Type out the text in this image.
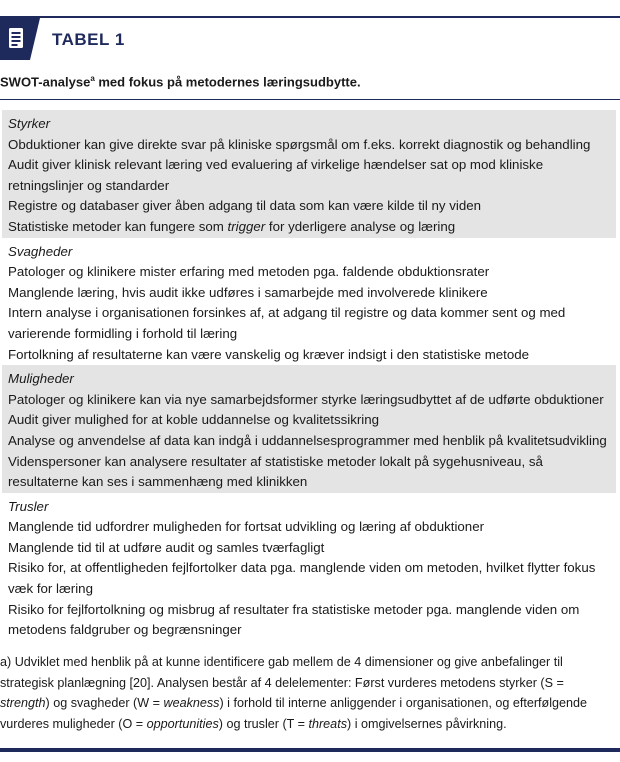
TABEL 1
SWOT-analyse$^a$ med fokus på metodernes læringsudbytte.
Styrker
Obduktioner kan give direkte svar på kliniske spørgsmål om f.eks. korrekt diagnostik og behandling
Audit giver klinisk relevant læring ved evaluering af virkelige hændelser sat op mod kliniske retningslinjer og standarder
Registre og databaser giver åben adgang til data som kan være kilde til ny viden
Statistiske metoder kan fungere som trigger for yderligere analyse og læring
Svagheder
Patologer og klinikere mister erfaring med metoden pga. faldende obduktionsrater
Manglende læring, hvis audit ikke udføres i samarbejde med involverede klinikere
Intern analyse i organisationen forsinkes af, at adgang til registre og data kommer sent og med varierende formidling i forhold til læring
Fortolkning af resultaterne kan være vanskelig og kræver indsigt i den statistiske metode
Muligheder
Patologer og klinikere kan via nye samarbejdsformer styrke læringsudbyttet af de udførte obduktioner
Audit giver mulighed for at koble uddannelse og kvalitetssikring
Analyse og anvendelse af data kan indgå i uddannelsesprogrammer med henblik på kvalitetsudvikling
Videnspersoner kan analysere resultater af statistiske metoder lokalt på sygehusniveau, så resultaterne kan ses i sammenhæng med klinikken
Trusler
Manglende tid udfordrer muligheden for fortsat udvikling og læring af obduktioner
Manglende tid til at udføre audit og samles tværfagligt
Risiko for, at offentligheden fejlfortolker data pga. manglende viden om metoden, hvilket flytter fokus væk for læring
Risiko for fejlfortolkning og misbrug af resultater fra statistiske metoder pga. manglende viden om metodens faldgruber og begrænsninger
a) Udviklet med henblik på at kunne identificere gab mellem de 4 dimensioner og give anbefalinger til strategisk planlægning [20]. Analysen består af 4 delelementer: Først vurderes metodens styrker (S = strength) og svagheder (W = weakness) i forhold til interne anliggender i organisationen, og efterfølgende vurderes muligheder (O = opportunities) og trusler (T = threats) i omgivelsernes påvirkning.
